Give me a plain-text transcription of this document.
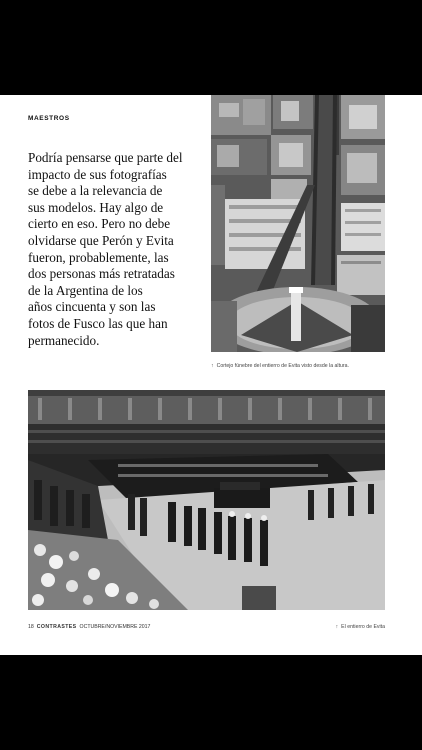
MAESTROS
Podría pensarse que parte del
impacto de sus fotografías
se debe a la relevancia de
sus modelos. Hay algo de
cierto en eso. Pero no debe
olvidarse que Perón y Evita
fueron, probablemente, las
dos personas más retratadas
de la Argentina de los
años cincuenta y son las
fotos de Fusco las que han
permanecido.
↑ Cortejo fúnebre del entierro de Evita visto desde la altura.
18 CONTRASTES OCTUBRE/NOVIEMBRE 2017	↑ El entierro de Evita
